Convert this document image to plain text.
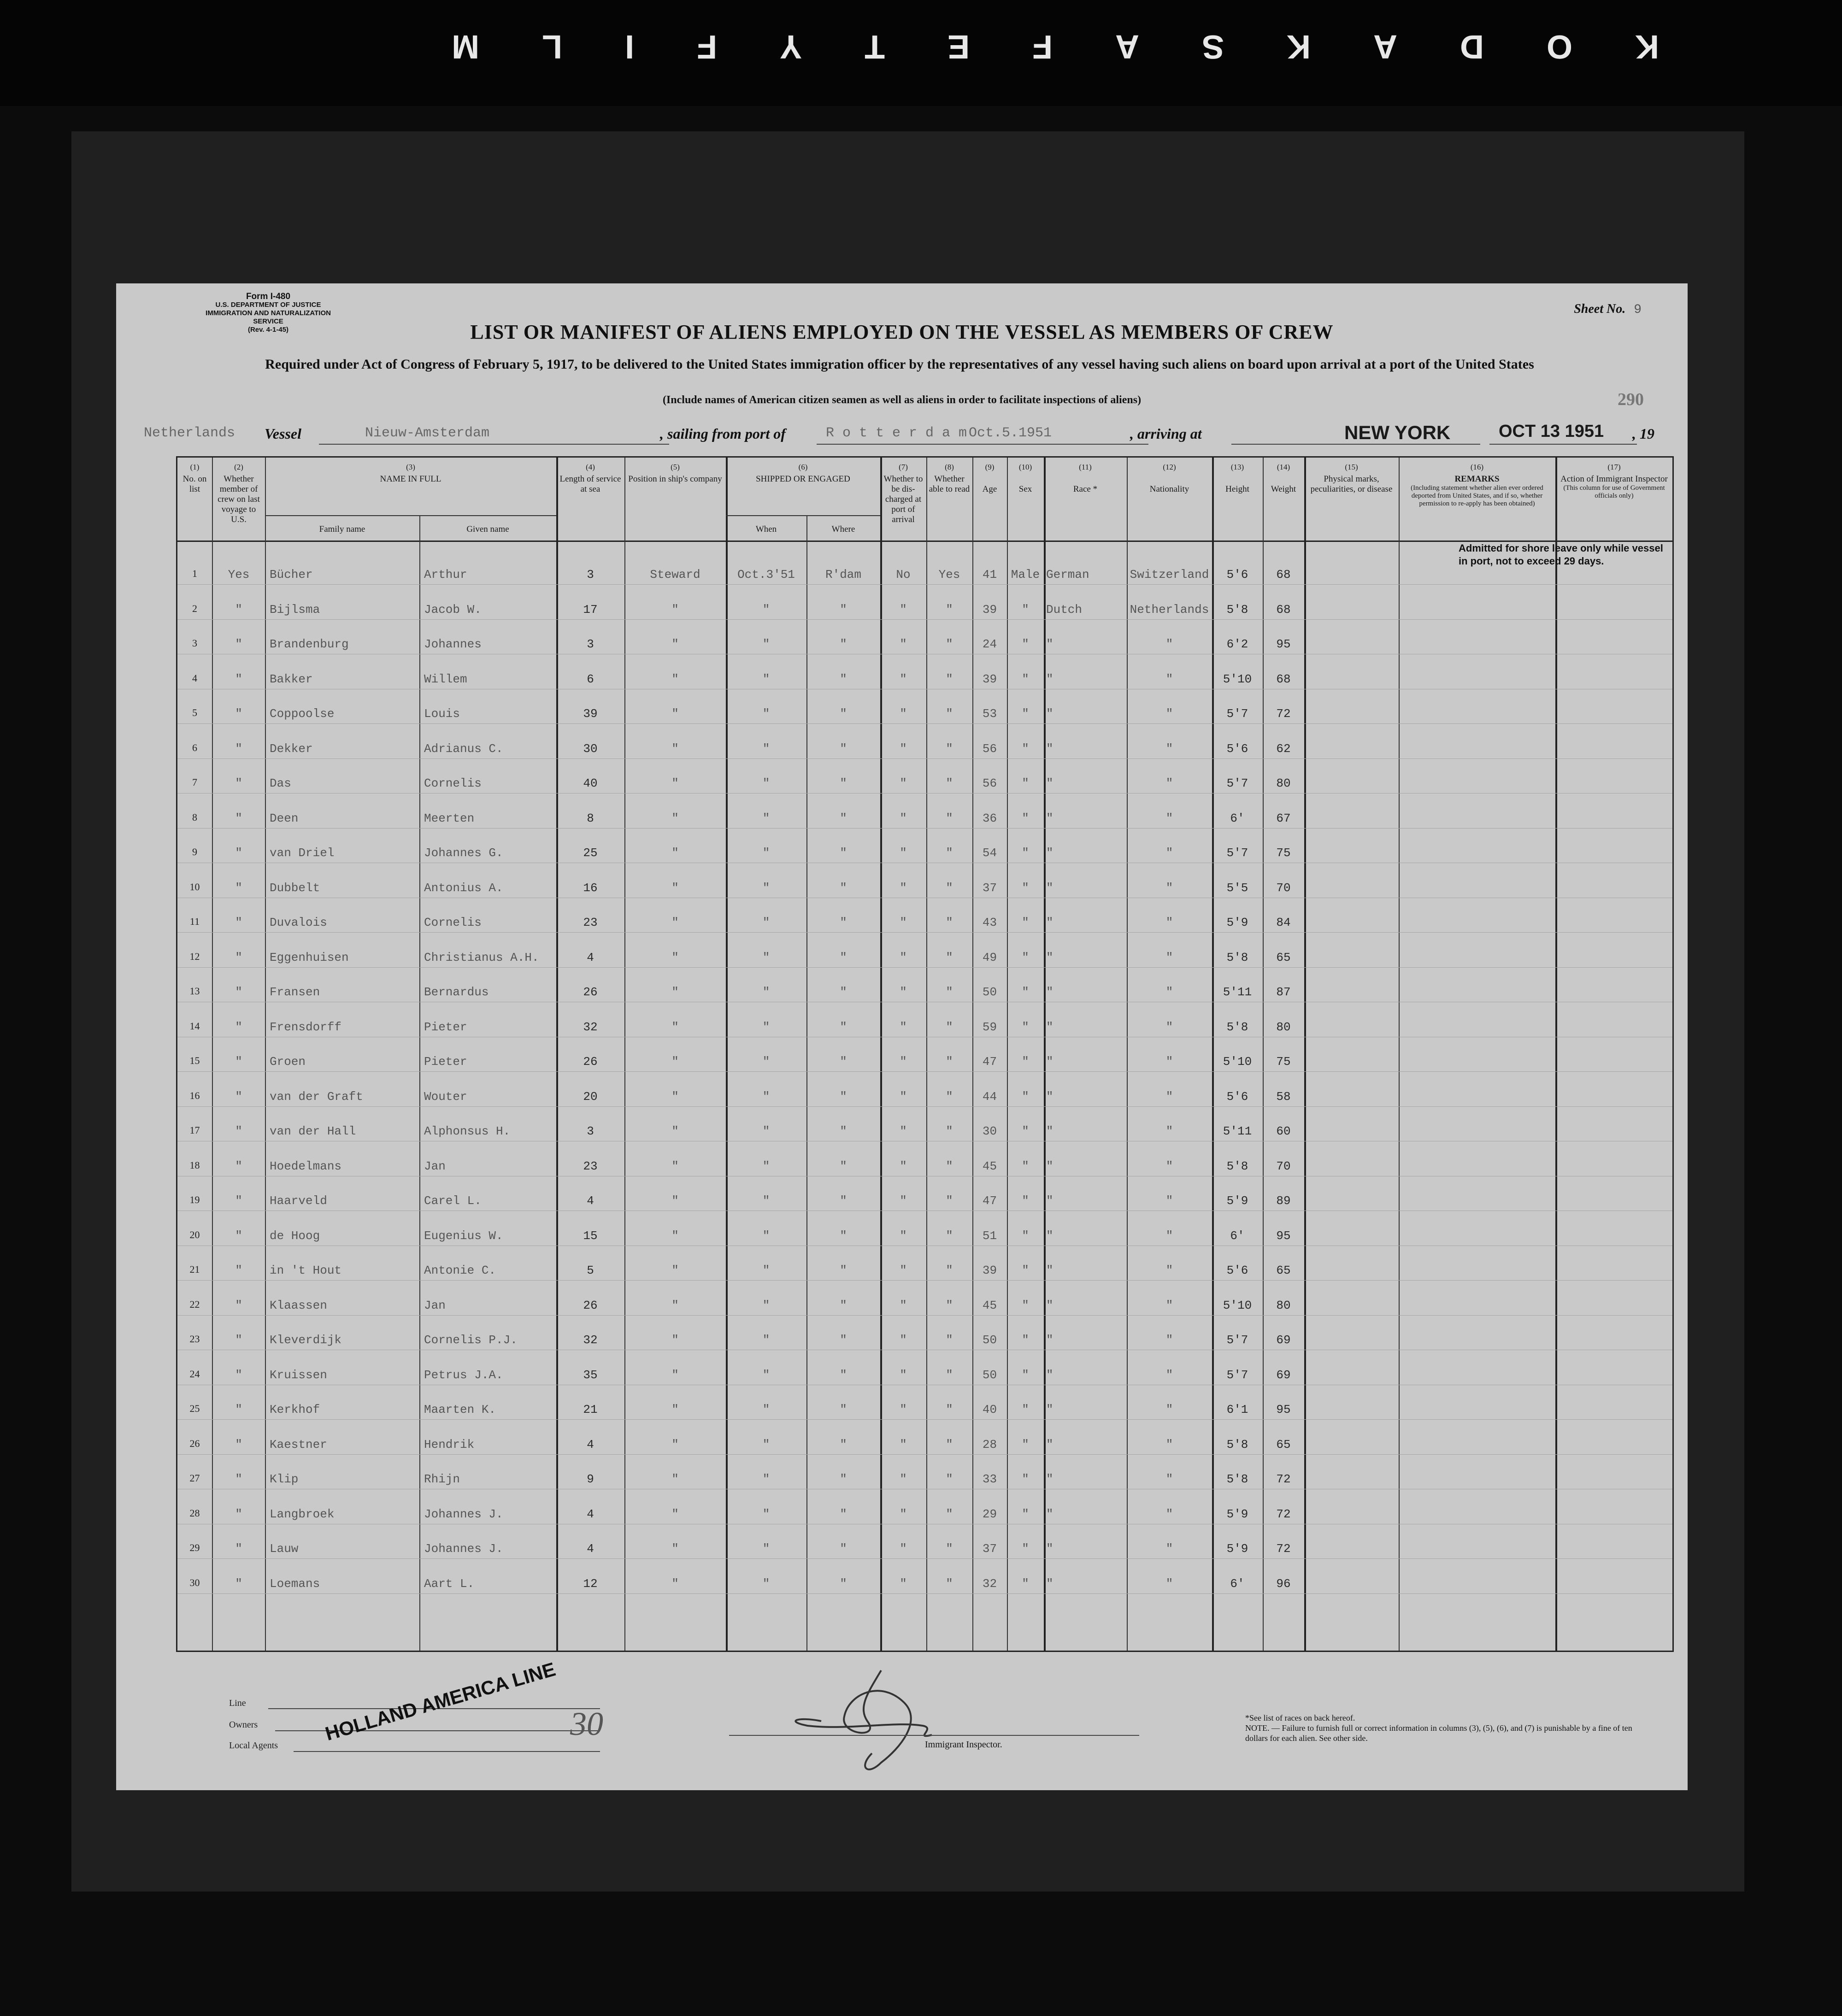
K
O
D
A
K
S
A
F
E
T
Y
F
I
L
M
Form I-480
U.S. DEPARTMENT OF JUSTICE
IMMIGRATION AND NATURALIZATION SERVICE
(Rev. 4-1-45)
Sheet No. 9
LIST OR MANIFEST OF ALIENS EMPLOYED ON THE VESSEL AS MEMBERS OF CREW
Required under Act of Congress of February 5, 1917, to be delivered to the United States immigration officer by the representatives of any vessel having such aliens on board upon arrival at a port of the United States
(Include names of American citizen seamen as well as aliens in order to facilitate inspections of aliens)	290
Netherlands Vessel	Nieuw-Amsterdam	, sailing from port of	R o t t e r d a m Oct.5.1951	, arriving at	NEW YORK	OCT 13 1951 , 19
(1)
No. on list
(2)
Whether member of crew on last voyage to U.S.
(3)
NAME IN FULL
Family name	Given name
(4)
Length of service at sea
(5)
Position in ship's company
(6)
SHIPPED OR ENGAGED
When	Where
(7)
Whether to be dis-charged at port of arrival
(8)
Whether able to read
(9)

Age
(10)

Sex
(11)

Race *
(12)

Nationality
(13)

Height
(14)

Weight
(15)
Physical marks, peculiarities, or disease
(16)
REMARKS

(Including statement whether alien ever ordered deported from United States, and if so, whether permission to re-apply has been obtained)
(17)
Action of Immigrant Inspector

(This column for use of Government officials only)
Admitted for shore leave only while vessel in port, not to exceed 29 days.
1	Yes	Bücher	Arthur	3	Steward	Oct.3'51	R'dam	No	Yes	41	Male German	Switzerland	5'6	68
2	"	Bijlsma	Jacob W.	17	"	"	"	"	"	39	"	Dutch	Netherlands	5'8	68
3	"	Brandenburg	Johannes	3	"	"	"	"	"	24	"	"	"	6'2	95
4	"	Bakker	Willem	6	"	"	"	"	"	39	"	"	"	5'10	68
5	"	Coppoolse	Louis	39	"	"	"	"	"	53	"	"	"	5'7	72
6	"	Dekker	Adrianus C.	30	"	"	"	"	"	56	"	"	"	5'6	62
7	"	Das	Cornelis	40	"	"	"	"	"	56	"	"	"	5'7	80
8	"	Deen	Meerten	8	"	"	"	"	"	36	"	"	"	6'	67
9	"	van Driel	Johannes G.	25	"	"	"	"	"	54	"	"	"	5'7	75
10	"	Dubbelt	Antonius A.	16	"	"	"	"	"	37	"	"	"	5'5	70
11	"	Duvalois	Cornelis	23	"	"	"	"	"	43	"	"	"	5'9	84
12	"	Eggenhuisen	Christianus A.H.	4	"	"	"	"	"	49	"	"	"	5'8	65
13	"	Fransen	Bernardus	26	"	"	"	"	"	50	"	"	"	5'11	87
14	"	Frensdorff	Pieter	32	"	"	"	"	"	59	"	"	"	5'8	80
15	"	Groen	Pieter	26	"	"	"	"	"	47	"	"	"	5'10	75
16	"	van der Graft	Wouter	20	"	"	"	"	"	44	"	"	"	5'6	58
17	"	van der Hall	Alphonsus H.	3	"	"	"	"	"	30	"	"	"	5'11	60
18	"	Hoedelmans	Jan	23	"	"	"	"	"	45	"	"	"	5'8	70
19	"	Haarveld	Carel L.	4	"	"	"	"	"	47	"	"	"	5'9	89
20	"	de Hoog	Eugenius W.	15	"	"	"	"	"	51	"	"	"	6'	95
21	"	in 't Hout	Antonie C.	5	"	"	"	"	"	39	"	"	"	5'6	65
22	"	Klaassen	Jan	26	"	"	"	"	"	45	"	"	"	5'10	80
23	"	Kleverdijk	Cornelis P.J.	32	"	"	"	"	"	50	"	"	"	5'7	69
24	"	Kruissen	Petrus J.A.	35	"	"	"	"	"	50	"	"	"	5'7	69
25	"	Kerkhof	Maarten K.	21	"	"	"	"	"	40	"	"	"	6'1	95
26	"	Kaestner	Hendrik	4	"	"	"	"	"	28	"	"	"	5'8	65
27	"	Klip	Rhijn	9	"	"	"	"	"	33	"	"	"	5'8	72
28	"	Langbroek	Johannes J.	4	"	"	"	"	"	29	"	"	"	5'9	72
29	"	Lauw	Johannes J.	4	"	"	"	"	"	37	"	"	"	5'9	72
30	"	Loemans	Aart L.	12	"	"	"	"	"	32	"	"	"	6'	96
Line
Owners
Local Agents
HOLLAND AMERICA LINE 30
Immigrant Inspector.
*See list of races on back hereof.
NOTE. — Failure to furnish full or correct information in columns (3), (5), (6), and (7) is punishable by a fine of ten dollars for each alien. See other side.
